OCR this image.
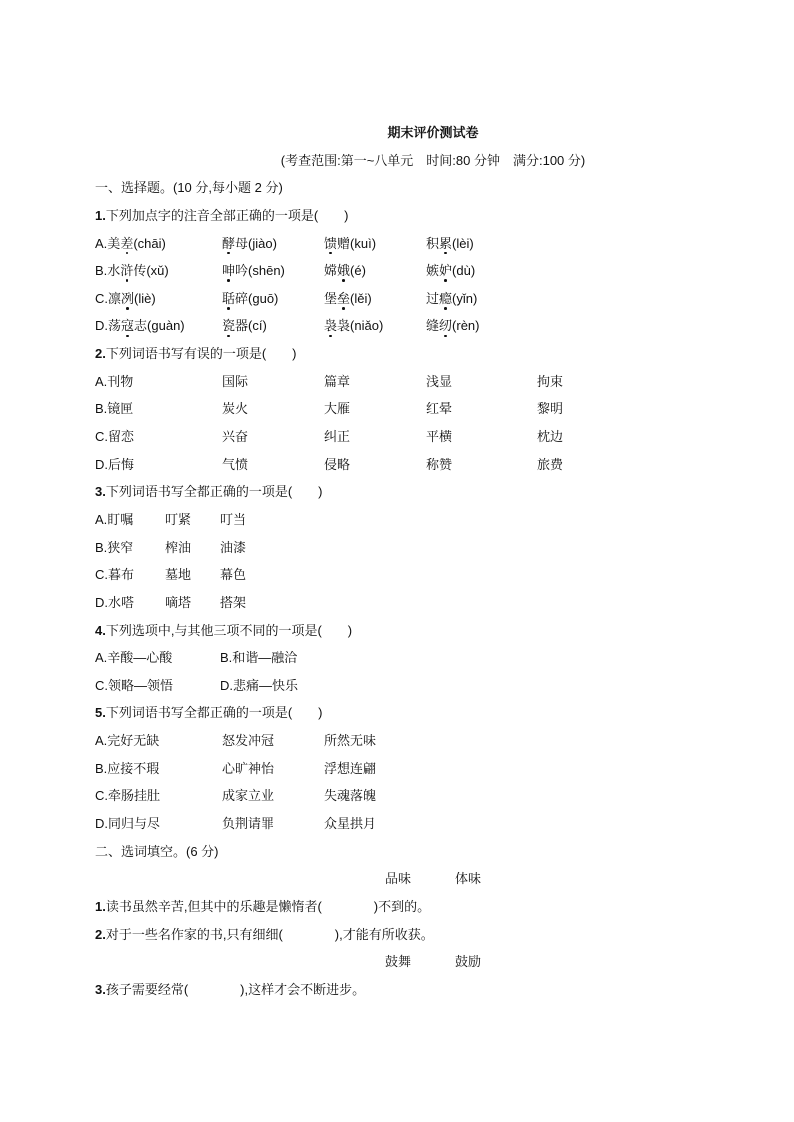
期末评价测试卷
(考查范围:第一~八单元　时间:80 分钟　满分:100 分)
一、选择题。(10 分,每小题 2 分)
1.下列加点字的注音全部正确的一项是(　　)
A.美差(chāi)	酵母(jiào)	馈赠(kuì)	积累(lèi)
B.水浒传(xǔ)	呻吟(shēn)	嫦娥(é)	嫉妒(dù)
C.凛冽(liè)	聒碎(guō)	堡垒(lěi)	过瘾(yǐn)
D.荡寇志(guàn)	瓷器(cí)	袅袅(niǎo)	缝纫(rèn)
2.下列词语书写有误的一项是(　　)
A.刊物	国际	篇章	浅显	拘束
B.镜匣	炭火	大雁	红晕	黎明
C.留恋	兴奋	纠正	平横	枕边
D.后悔	气愤	侵略	称赞	旅费
3.下列词语书写全都正确的一项是(　　)
A.盯嘱 叮紧 叮当
B.狭窄 榨油 油漆
C.暮布 墓地 幕色
D.水嗒 嘀塔 搭架
4.下列选项中,与其他三项不同的一项是(　　)
A.辛酸—心酸	B.和谐—融洽
C.领略—领悟	D.悲痛—快乐
5.下列词语书写全都正确的一项是(　　)
A.完好无缺	怒发冲冠	所然无味
B.应接不瑕	心旷神怡	浮想连翩
C.牵肠挂肚	成家立业	失魂落魄
D.同归与尽	负荆请罪	众星拱月
二、选词填空。(6 分)
品味	体味
1.读书虽然辛苦,但其中的乐趣是懒惰者(　　　　)不到的。
2.对于一些名作家的书,只有细细(　　　　),才能有所收获。
鼓舞	鼓励
3.孩子需要经常(　　　　),这样才会不断进步。
